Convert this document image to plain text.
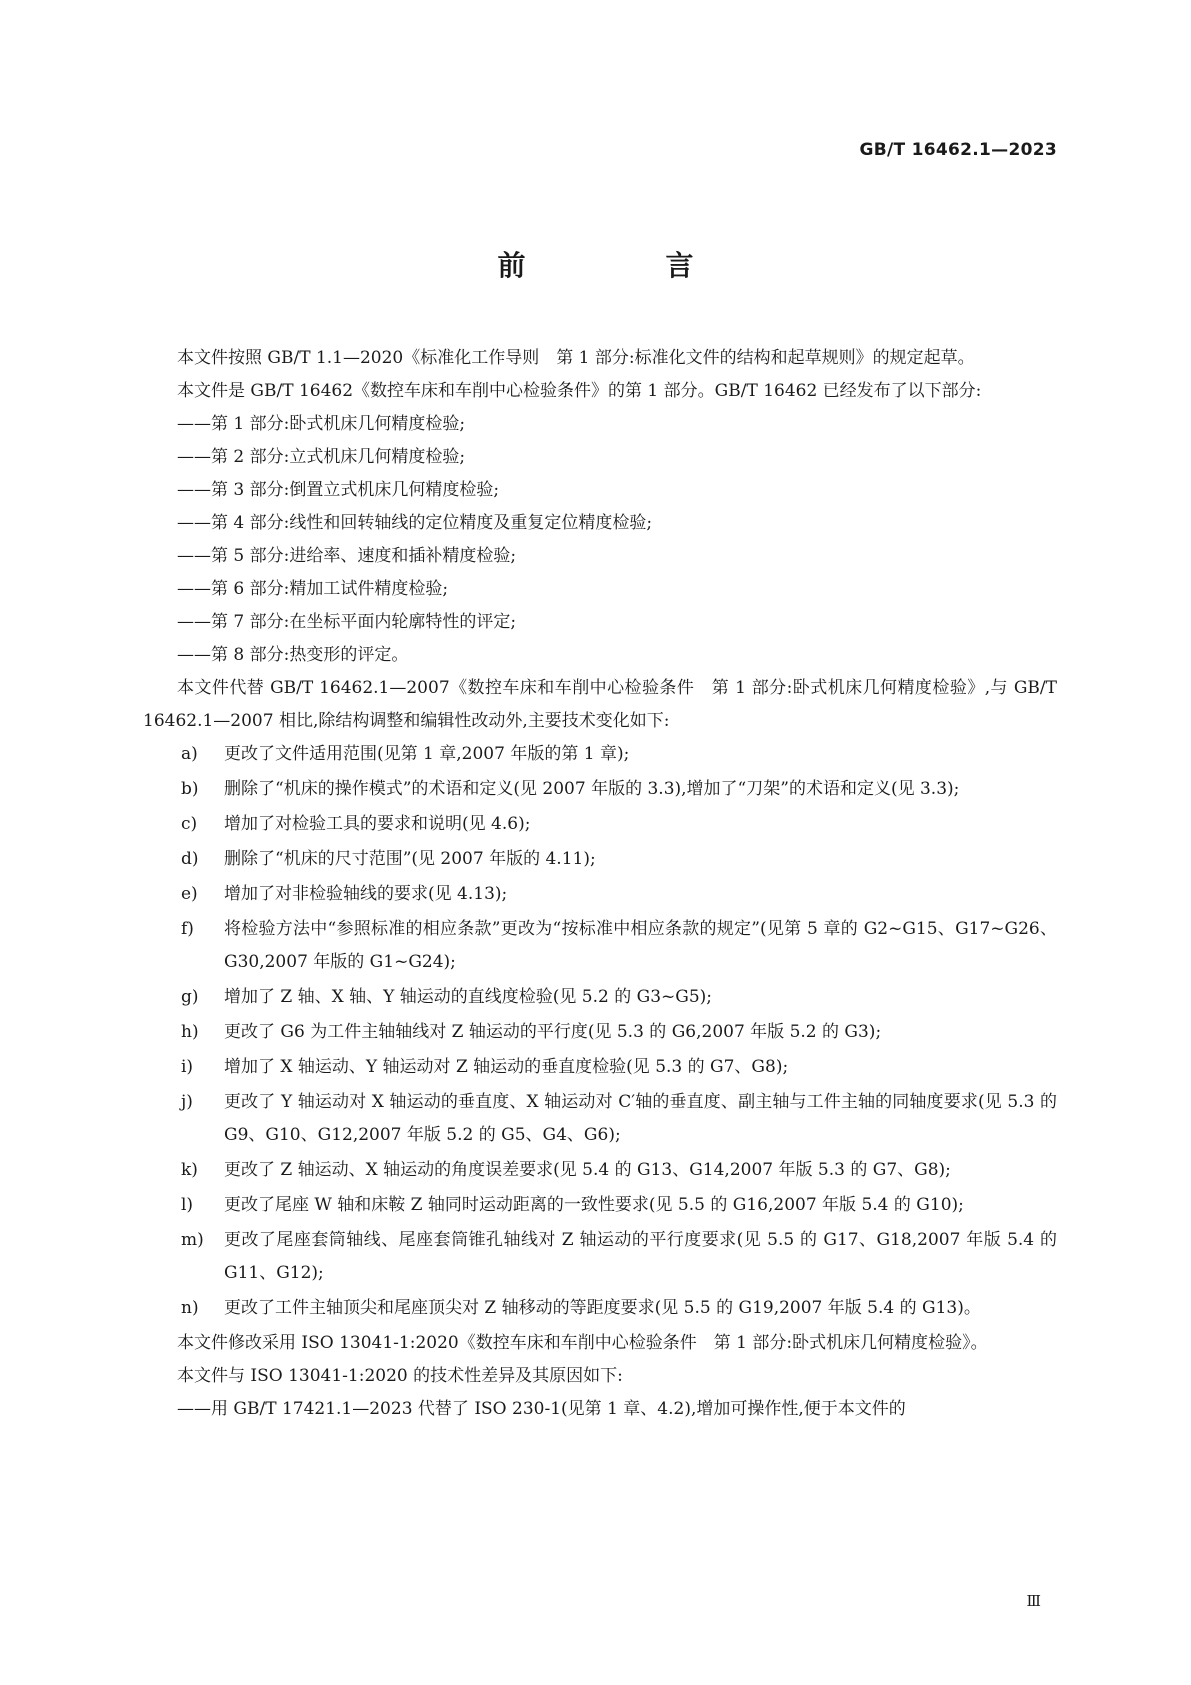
GB/T 16462.1—2023
前　言

本文件按照 GB/T 1.1—2020《标准化工作导则　第 1 部分:标准化文件的结构和起草规则》的规定起草。

本文件是 GB/T 16462《数控车床和车削中心检验条件》的第 1 部分。GB/T 16462 已经发布了以下部分:

——第 1 部分:卧式机床几何精度检验;

——第 2 部分:立式机床几何精度检验;

——第 3 部分:倒置立式机床几何精度检验;

——第 4 部分:线性和回转轴线的定位精度及重复定位精度检验;

——第 5 部分:进给率、速度和插补精度检验;

——第 6 部分:精加工试件精度检验;

——第 7 部分:在坐标平面内轮廓特性的评定;

——第 8 部分:热变形的评定。

本文件代替 GB/T 16462.1—2007《数控车床和车削中心检验条件　第 1 部分:卧式机床几何精度检验》,与 GB/T 16462.1—2007 相比,除结构调整和编辑性改动外,主要技术变化如下:

a) 更改了文件适用范围(见第 1 章,2007 年版的第 1 章);
b) 删除了“机床的操作模式”的术语和定义(见 2007 年版的 3.3),增加了“刀架”的术语和定义(见 3.3);
c) 增加了对检验工具的要求和说明(见 4.6);
d) 删除了“机床的尺寸范围”(见 2007 年版的 4.11);
e) 增加了对非检验轴线的要求(见 4.13);
f) 将检验方法中“参照标准的相应条款”更改为“按标准中相应条款的规定”(见第 5 章的 G2~G15、G17~G26、G30,2007 年版的 G1~G24);
g) 增加了 Z 轴、X 轴、Y 轴运动的直线度检验(见 5.2 的 G3~G5);
h) 更改了 G6 为工件主轴轴线对 Z 轴运动的平行度(见 5.3 的 G6,2007 年版 5.2 的 G3);
i) 增加了 X 轴运动、Y 轴运动对 Z 轴运动的垂直度检验(见 5.3 的 G7、G8);
j) 更改了 Y 轴运动对 X 轴运动的垂直度、X 轴运动对 C′轴的垂直度、副主轴与工件主轴的同轴度要求(见 5.3 的 G9、G10、G12,2007 年版 5.2 的 G5、G4、G6);
k) 更改了 Z 轴运动、X 轴运动的角度误差要求(见 5.4 的 G13、G14,2007 年版 5.3 的 G7、G8);
l) 更改了尾座 W 轴和床鞍 Z 轴同时运动距离的一致性要求(见 5.5 的 G16,2007 年版 5.4 的 G10);
m) 更改了尾座套筒轴线、尾座套筒锥孔轴线对 Z 轴运动的平行度要求(见 5.5 的 G17、G18,2007 年版 5.4 的 G11、G12);
n) 更改了工件主轴顶尖和尾座顶尖对 Z 轴移动的等距度要求(见 5.5 的 G19,2007 年版 5.4 的 G13)。

本文件修改采用 ISO 13041-1:2020《数控车床和车削中心检验条件　第 1 部分:卧式机床几何精度检验》。

本文件与 ISO 13041-1:2020 的技术性差异及其原因如下:

——用 GB/T 17421.1—2023 代替了 ISO 230-1(见第 1 章、4.2),增加可操作性,便于本文件的

Ⅲ
